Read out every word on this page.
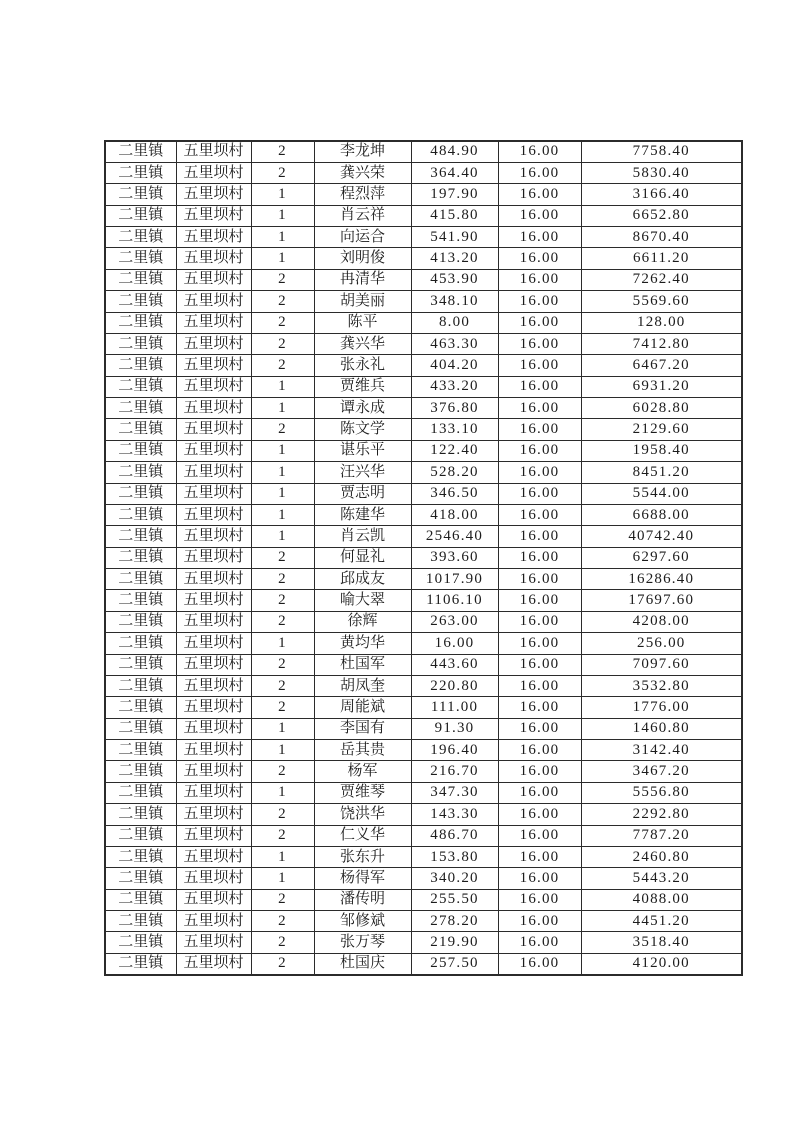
二里镇	五里坝村	2	李龙坤	484.90	16.00	7758.40
二里镇	五里坝村	2	龚兴荣	364.40	16.00	5830.40
二里镇	五里坝村	1	程烈萍	197.90	16.00	3166.40
二里镇	五里坝村	1	肖云祥	415.80	16.00	6652.80
二里镇	五里坝村	1	向运合	541.90	16.00	8670.40
二里镇	五里坝村	1	刘明俊	413.20	16.00	6611.20
二里镇	五里坝村	2	冉清华	453.90	16.00	7262.40
二里镇	五里坝村	2	胡美丽	348.10	16.00	5569.60
二里镇	五里坝村	2	陈平	8.00	16.00	128.00
二里镇	五里坝村	2	龚兴华	463.30	16.00	7412.80
二里镇	五里坝村	2	张永礼	404.20	16.00	6467.20
二里镇	五里坝村	1	贾维兵	433.20	16.00	6931.20
二里镇	五里坝村	1	谭永成	376.80	16.00	6028.80
二里镇	五里坝村	2	陈文学	133.10	16.00	2129.60
二里镇	五里坝村	1	谌乐平	122.40	16.00	1958.40
二里镇	五里坝村	1	汪兴华	528.20	16.00	8451.20
二里镇	五里坝村	1	贾志明	346.50	16.00	5544.00
二里镇	五里坝村	1	陈建华	418.00	16.00	6688.00
二里镇	五里坝村	1	肖云凯	2546.40	16.00	40742.40
二里镇	五里坝村	2	何显礼	393.60	16.00	6297.60
二里镇	五里坝村	2	邱成友	1017.90	16.00	16286.40
二里镇	五里坝村	2	喻大翠	1106.10	16.00	17697.60
二里镇	五里坝村	2	徐辉	263.00	16.00	4208.00
二里镇	五里坝村	1	黄均华	16.00	16.00	256.00
二里镇	五里坝村	2	杜国军	443.60	16.00	7097.60
二里镇	五里坝村	2	胡凤奎	220.80	16.00	3532.80
二里镇	五里坝村	2	周能斌	111.00	16.00	1776.00
二里镇	五里坝村	1	李国有	91.30	16.00	1460.80
二里镇	五里坝村	1	岳其贵	196.40	16.00	3142.40
二里镇	五里坝村	2	杨军	216.70	16.00	3467.20
二里镇	五里坝村	1	贾维琴	347.30	16.00	5556.80
二里镇	五里坝村	2	饶洪华	143.30	16.00	2292.80
二里镇	五里坝村	2	仁义华	486.70	16.00	7787.20
二里镇	五里坝村	1	张东升	153.80	16.00	2460.80
二里镇	五里坝村	1	杨得军	340.20	16.00	5443.20
二里镇	五里坝村	2	潘传明	255.50	16.00	4088.00
二里镇	五里坝村	2	邹修斌	278.20	16.00	4451.20
二里镇	五里坝村	2	张万琴	219.90	16.00	3518.40
二里镇	五里坝村	2	杜国庆	257.50	16.00	4120.00
